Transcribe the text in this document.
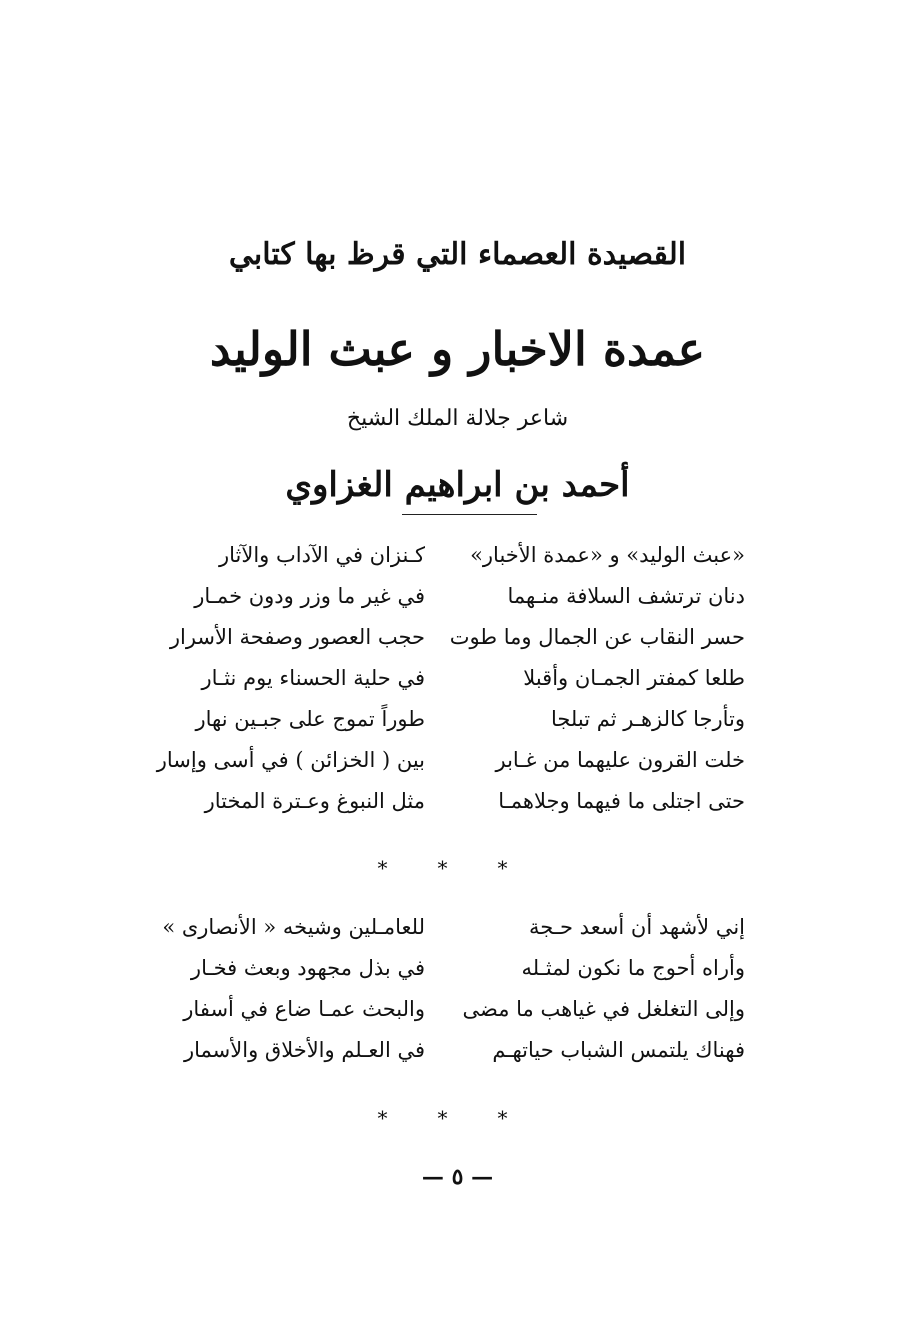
القصيدة العصماء التي قرظ بها كتابي
عمدة الاخبار و عبث الوليد
شاعر جلالة الملك الشيخ
أحمد بن ابراهيم الغزاوي
«عبث الوليد» و «عمدة الأخبار»
كـنزان في الآداب والآثار
دنان ترتشف السلافة منـهما
في غير ما وزر ودون خمـار
حسر النقاب عن الجمال وما طوت
حجب العصور وصفحة الأسرار
طلعا كمفتر الجمـان وأقبلا
في حلية الحسناء يوم نثـار
وتأرجا كالزهـر ثم تبلجا
طوراً تموج على جبـين نهار
خلت القرون عليهما من غـابر
بين ( الخزائن ) في أسى وإسار
حتى اجتلى ما فيهما وجلاهمـا
مثل النبوغ وعـترة المختار
* * *
إني لأشهد أن أسعد حـجة
للعامـلين وشيخه « الأنصارى »
وأراه أحوج ما نكون لمثـله
في بذل مجهود وبعث فخـار
وإلى التغلغل في غياهب ما مضى
والبحث عمـا ضاع في أسفار
فهناك يلتمس الشباب حياتهـم
في العـلم والأخلاق والأسمار
* * *
— ٥ —
